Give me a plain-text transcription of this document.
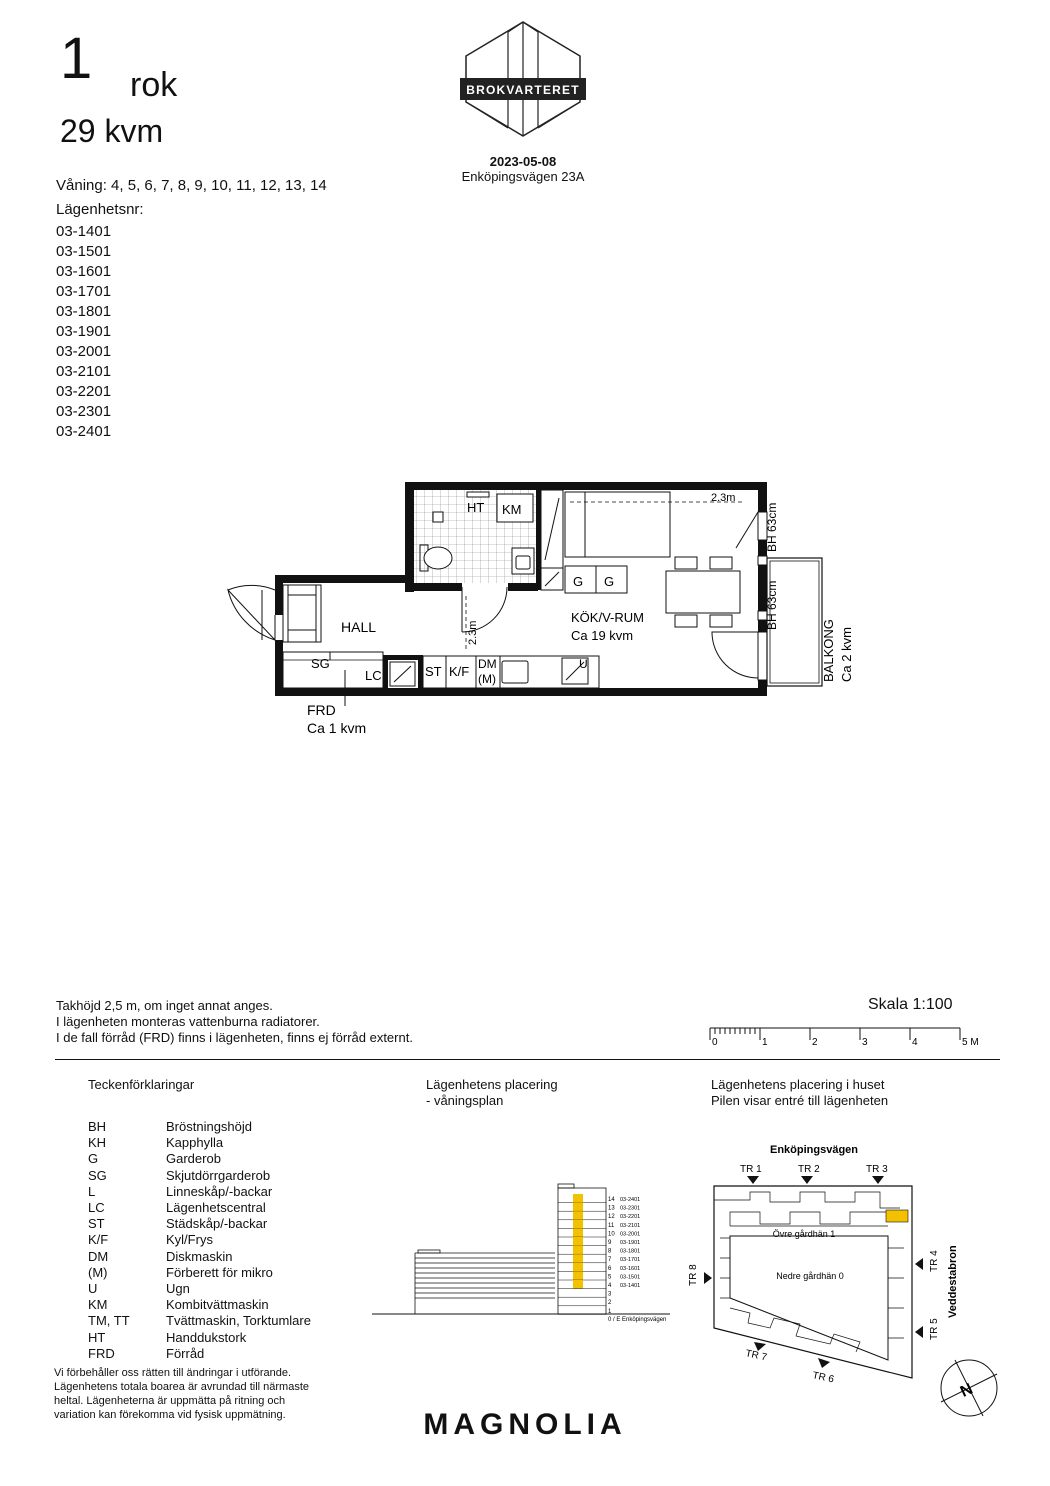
1 rok
29 kvm
Våning: 4, 5, 6, 7, 8, 9, 10, 11, 12, 13, 14
Lägenhetsnr:
03-1401
03-1501
03-1601
03-1701
03-1801
03-1901
03-2001
03-2101
03-2201
03-2301
03-2401
BROKVARTERET
2023-05-08
Enköpingsvägen 23A
HALL
KÖK/V-RUM
Ca 19 kvm
FRD
Ca 1 kvm
SG
LC	ST K/F DM
(M)
U
G G
HT KM
2.3m
2.3m
BH 63cm
BH 63cm
BALKONG Ca 2 kvm
Takhöjd 2,5 m, om inget annat anges.
I lägenheten monteras vattenburna radiatorer.
I de fall förråd (FRD) finns i lägenheten, finns ej förråd externt.
Skala 1:100
0	1	2	3	4	5 M
Teckenförklaringar
BH	Bröstningshöjd
KH	Kapphylla
G	Garderob
SG	Skjutdörrgarderob
L	Linneskåp/-backar
LC	Lägenhetscentral
ST	Städskåp/-backar
K/F	Kyl/Frys
DM	Diskmaskin
(M)	Förberett för mikro
U	Ugn
KM	Kombitvättmaskin
TM, TT	Tvättmaskin, Torktumlare
HT	Handdukstork
FRD	Förråd
Vi förbehåller oss rätten till ändringar i utförande.
Lägenhetens totala boarea är avrundad till närmaste
heltal. Lägenheterna är uppmätta på ritning och
variation kan förekomma vid fysisk uppmätning.
Lägenhetens placering
- våningsplan
14 03-2401
13 03-2301
12 03-2201
11 03-2101
10 03-2001
9 03-1901
8 03-1801
7 03-1701
6 03-1601
5 03-1501
4 03-1401
3
2
1
0 / E Enköpingsvägen
Lägenhetens placering i huset
Pilen visar entré till lägenheten
Enköpingsvägen
Övre gårdhän 1
Nedre gårdhän 0
TR 1	TR 2	TR 3
TR 4
TR 5
TR 6
TR 7
TR 8	Veddestabron
N
MAGNOLIA
